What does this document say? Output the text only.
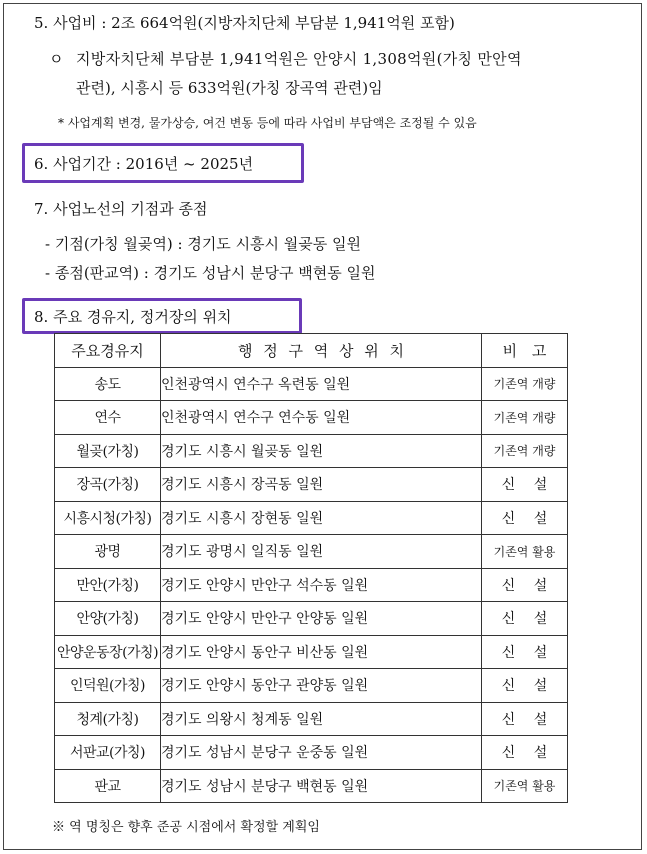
5. 사업비 : 2조 664억원(지방자치단체 부담분 1,941억원 포함)
ㅇ 지방자치단체 부담분 1,941억원은 안양시 1,308억원(가칭 만안역
관련), 시흥시 등 633억원(가칭 장곡역 관련)임
* 사업계획 변경, 물가상승, 여건 변동 등에 따라 사업비 부담액은 조정될 수 있음
6. 사업기간 : 2016년 ~ 2025년
7. 사업노선의 기점과 종점
- 기점(가칭 월곶역) : 경기도 시흥시 월곶동 일원
- 종점(판교역) : 경기도 성남시 분당구 백현동 일원
8. 주요 경유지, 정거장의 위치
주요경유지	행 정 구 역 상 위 치	비 고
송도	인천광역시 연수구 옥련동 일원	기존역 개량
연수	인천광역시 연수구 연수동 일원	기존역 개량
월곶(가칭)	경기도 시흥시 월곶동 일원	기존역 개량
장곡(가칭)	경기도 시흥시 장곡동 일원	신 설
시흥시청(가칭)	경기도 시흥시 장현동 일원	신 설
광명	경기도 광명시 일직동 일원	기존역 활용
만안(가칭)	경기도 안양시 만안구 석수동 일원	신 설
안양(가칭)	경기도 안양시 만안구 안양동 일원	신 설
안양운동장(가칭)	경기도 안양시 동안구 비산동 일원	신 설
인덕원(가칭)	경기도 안양시 동안구 관양동 일원	신 설
청계(가칭)	경기도 의왕시 청계동 일원	신 설
서판교(가칭)	경기도 성남시 분당구 운중동 일원	신 설
판교	경기도 성남시 분당구 백현동 일원	기존역 활용
※ 역 명칭은 향후 준공 시점에서 확정할 계획임
